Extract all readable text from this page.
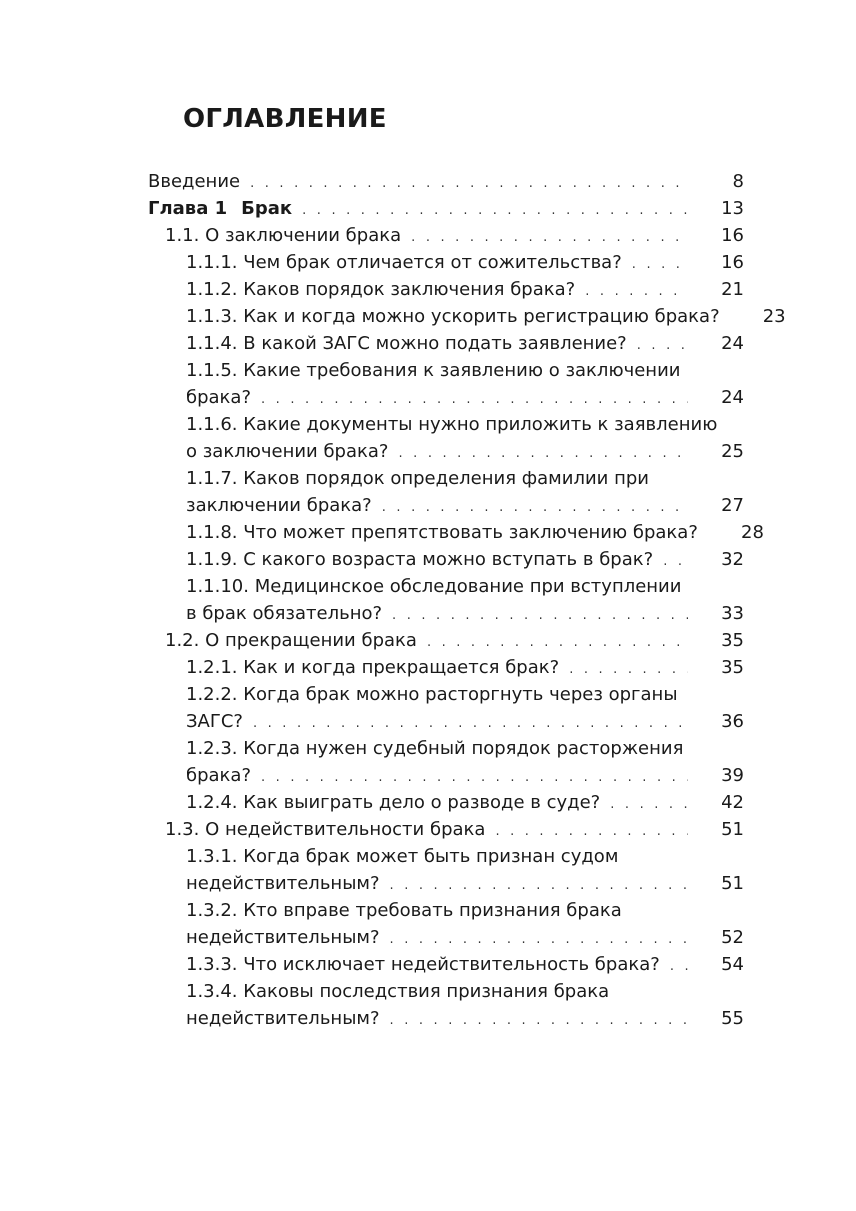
ОГЛАВЛЕНИЕ
Введение . . .	8
Глава 1 Брак . . .	13
1.1. О заключении брака . . .	16
1.1.1. Чем брак отличается от сожительства? . . .	16
1.1.2. Каков порядок заключения брака? . . .	21
1.1.3. Как и когда можно ускорить регистрацию брака?	23
1.1.4. В какой ЗАГС можно подать заявление? . . .	24
1.1.5. Какие требования к заявлению о заключении
брака? . . .	24
1.1.6. Какие документы нужно приложить к заявлению
о заключении брака? . . .	25
1.1.7. Каков порядок определения фамилии при
заключении брака? . . .	27
1.1.8. Что может препятствовать заключению брака?	28
1.1.9. С какого возраста можно вступать в брак? . . .	32
1.1.10. Медицинское обследование при вступлении
в брак обязательно? . . .	33
1.2. О прекращении брака . . .	35
1.2.1. Как и когда прекращается брак? . . .	35
1.2.2. Когда брак можно расторгнуть через органы
ЗАГС? . . .	36
1.2.3. Когда нужен судебный порядок расторжения
брака? . . .	39
1.2.4. Как выиграть дело о разводе в суде? . . .	42
1.3. О недействительности брака . . .	51
1.3.1. Когда брак может быть признан судом
недействительным? . . .	51
1.3.2. Кто вправе требовать признания брака
недействительным? . . .	52
1.3.3. Что исключает недействительность брака? . . .	54
1.3.4. Каковы последствия признания брака
недействительным? . . .	55
